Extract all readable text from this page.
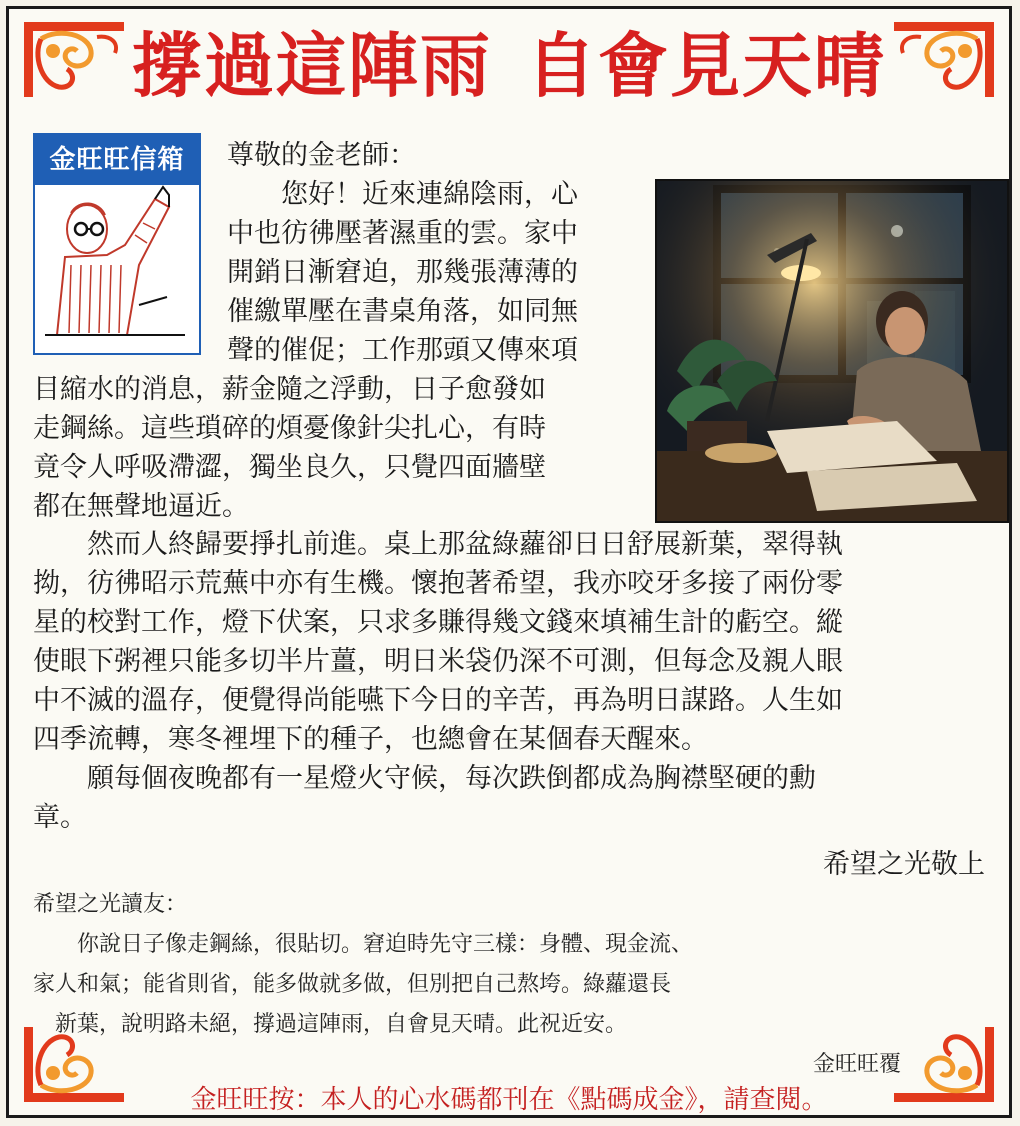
撐過這陣雨 自會見天晴
金旺旺信箱	尊敬的金老師：
　　您好！近來連綿陰雨，心
中也彷彿壓著濕重的雲。家中
開銷日漸窘迫，那幾張薄薄的
催繳單壓在書桌角落，如同無
聲的催促；工作那頭又傳來項
目縮水的消息，薪金隨之浮動，日子愈發如
走鋼絲。這些瑣碎的煩憂像針尖扎心，有時
竟令人呼吸滯澀，獨坐良久，只覺四面牆壁
都在無聲地逼近。
　　然而人終歸要掙扎前進。桌上那盆綠蘿卻日日舒展新葉，翠得執
拗，彷彿昭示荒蕪中亦有生機。懷抱著希望，我亦咬牙多接了兩份零
星的校對工作，燈下伏案，只求多賺得幾文錢來填補生計的虧空。縱
使眼下粥裡只能多切半片薑，明日米袋仍深不可測，但每念及親人眼
中不滅的溫存，便覺得尚能嚥下今日的辛苦，再為明日謀路。人生如
四季流轉，寒冬裡埋下的種子，也總會在某個春天醒來。
　　願每個夜晚都有一星燈火守候，每次跌倒都成為胸襟堅硬的勳
章。
希望之光敬上
希望之光讀友：
　　你說日子像走鋼絲，很貼切。窘迫時先守三樣：身體、現金流、
家人和氣；能省則省，能多做就多做，但別把自己熬垮。綠蘿還長
　新葉，說明路未絕，撐過這陣雨，自會見天晴。此祝近安。
金旺旺覆
金旺旺按：本人的心水碼都刊在《點碼成金》，請查閱。
